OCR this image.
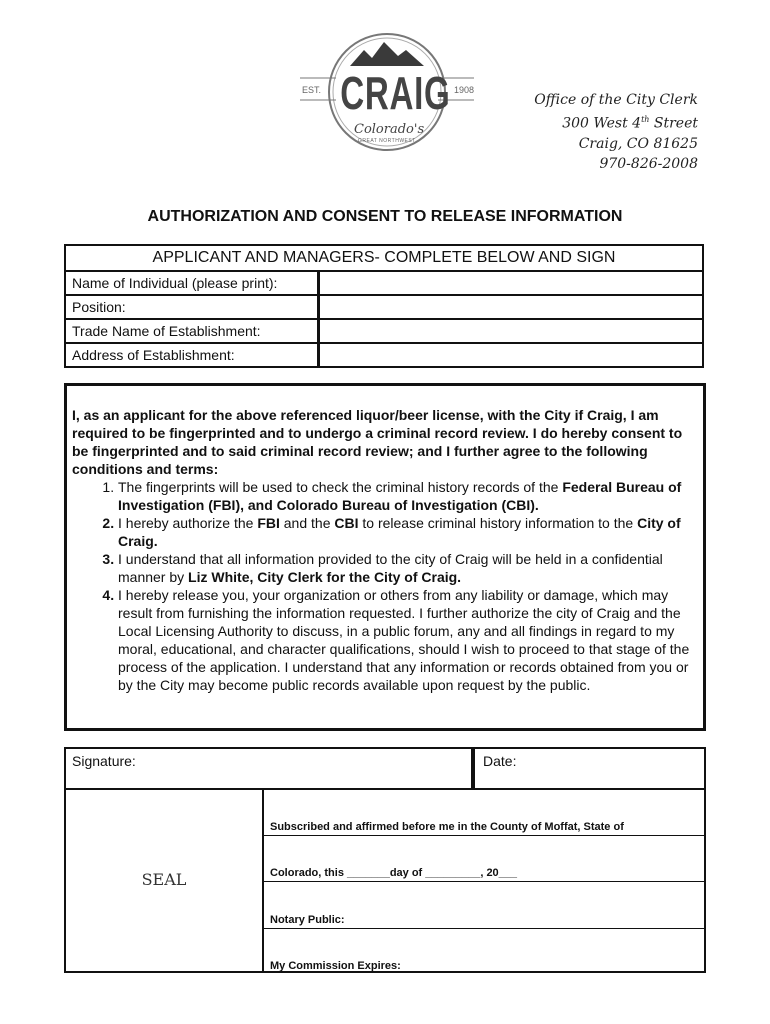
EST.	1908
CRAIG
Colorado's
GREAT NORTHWEST
Office of the City Clerk
300 West 4th Street
Craig, CO 81625
970-826-2008
AUTHORIZATION AND CONSENT TO RELEASE INFORMATION
APPLICANT AND MANAGERS- COMPLETE BELOW AND SIGN
Name of Individual (please print):
Position:
Trade Name of Establishment:
Address of Establishment:

I, as an applicant for the above referenced liquor/beer license, with the City if Craig, I am required to be fingerprinted and to undergo a criminal record review. I do hereby consent to be fingerprinted and to said criminal record review; and I further agree to the following conditions and terms:

1. The fingerprints will be used to check the criminal history records of the Federal Bureau of Investigation (FBI), and Colorado Bureau of Investigation (CBI).
2. I hereby authorize the FBI and the CBI to release criminal history information to the City of Craig.
3. I understand that all information provided to the city of Craig will be held in a confidential manner by Liz White, City Clerk for the City of Craig.
4. I hereby release you, your organization or others from any liability or damage, which may result from furnishing the information requested. I further authorize the city of Craig and the Local Licensing Authority to discuss, in a public forum, any and all findings in regard to my moral, educational, and character qualifications, should I wish to proceed to that stage of the process of the application. I understand that any information or records obtained from you or by the City may become public records available upon request by the public.
Signature:	Date:
SEAL
Subscribed and affirmed before me in the County of Moffat, State of
Colorado, this _______day of _________, 20___
Notary Public:
My Commission Expires:
